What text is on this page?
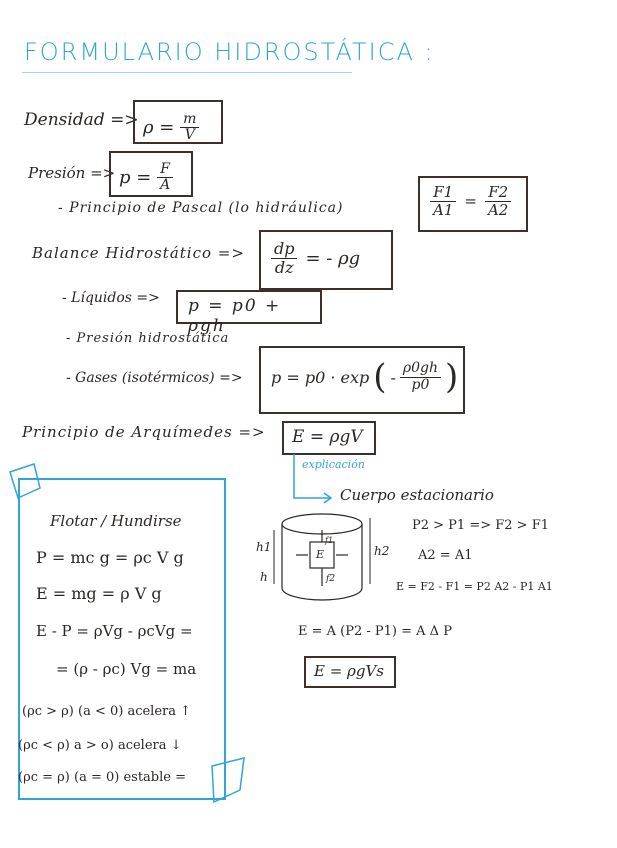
FORMULARIO HIDROSTÁTICA :
Densidad => $\rho = \frac{m}{V}$
Presión => $p = \frac{F}{A}$
- Principio de Pascal (lo hidráulica)	$\frac{F1}{A1} = \frac{F2}{A2}$
Balance Hidrostático => $\frac{dp}{dz}$ = - ρg
- Líquidos => p = p0 + ρgh
- Presión hidrostática
- Gases (isotérmicos) => p = p0 · exp ( - $\frac{\rho 0gh}{p0}$ )
Principio de Arquímedes => E = ρgV
explicación
Cuerpo estacionario
h1
h
h2
E
f1
f2
P2 > P1 => F2 > F1
A2 = A1
E = F2 - F1 = P2 A2 - P1 A1
E = A (P2 - P1) = A Δ P
E = ρgVs
Flotar / Hundirse
P = mc g = ρc V g
E = mg = ρ V g
E - P = ρVg - ρcVg =
= (ρ - ρc) Vg = ma
(ρc > ρ) (a < 0) acelera ↑
(ρc < ρ) a > o) acelera ↓
(ρc = ρ) (a = 0) estable =
